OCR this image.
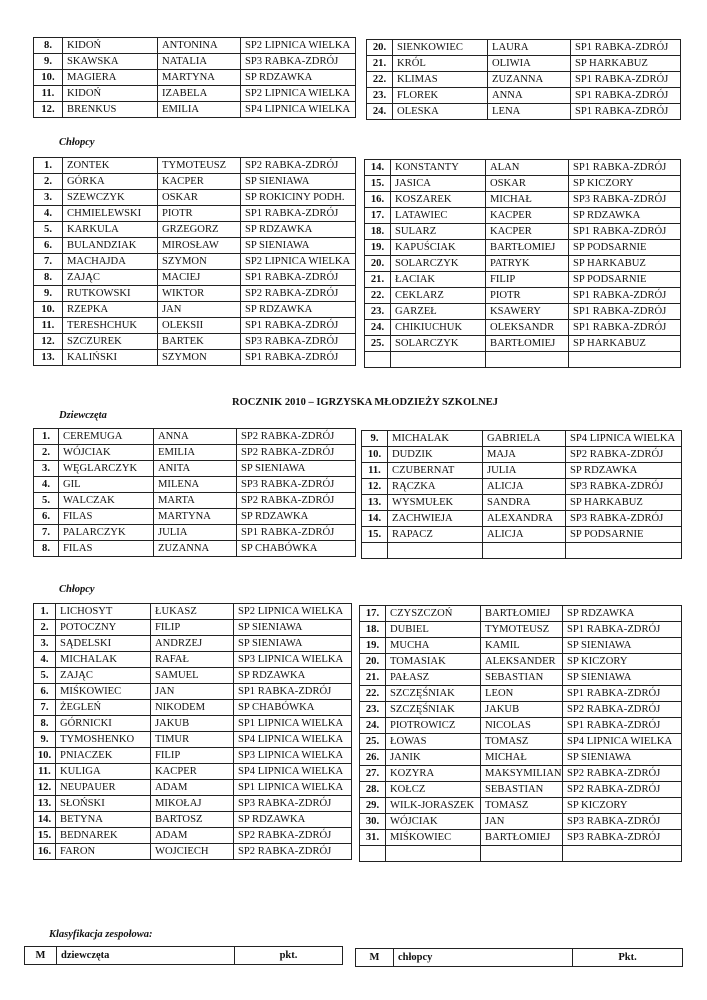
8.	KIDOŃ	ANTONINA	SP2 LIPNICA WIELKA
9.	SKAWSKA	NATALIA	SP3 RABKA-ZDRÓJ
10.	MAGIERA	MARTYNA	SP RDZAWKA
11.	KIDOŃ	IZABELA	SP2 LIPNICA WIELKA
12.	BRENKUS	EMILIA	SP4 LIPNICA WIELKA
20.	SIENKOWIEC	LAURA	SP1 RABKA-ZDRÓJ
21.	KRÓL	OLIWIA	SP HARKABUZ
22.	KLIMAS	ZUZANNA	SP1 RABKA-ZDRÓJ
23.	FLOREK	ANNA	SP1 RABKA-ZDRÓJ
24.	OLESKA	LENA	SP1 RABKA-ZDRÓJ
Chłopcy
1.	ZONTEK	TYMOTEUSZ	SP2 RABKA-ZDRÓJ
2.	GÓRKA	KACPER	SP SIENIAWA
3.	SZEWCZYK	OSKAR	SP ROKICINY PODH.
4.	CHMIELEWSKI	PIOTR	SP1 RABKA-ZDRÓJ
5.	KARKULA	GRZEGORZ	SP RDZAWKA
6.	BULANDZIAK	MIROSŁAW	SP SIENIAWA
7.	MACHAJDA	SZYMON	SP2 LIPNICA WIELKA
8.	ZAJĄC	MACIEJ	SP1 RABKA-ZDRÓJ
9.	RUTKOWSKI	WIKTOR	SP2 RABKA-ZDRÓJ
10.	RZEPKA	JAN	SP RDZAWKA
11.	TERESHCHUK	OLEKSII	SP1 RABKA-ZDRÓJ
12.	SZCZUREK	BARTEK	SP3 RABKA-ZDRÓJ
13.	KALIŃSKI	SZYMON	SP1 RABKA-ZDRÓJ
14.	KONSTANTY	ALAN	SP1 RABKA-ZDRÓJ
15.	JASICA	OSKAR	SP KICZORY
16.	KOSZAREK	MICHAŁ	SP3 RABKA-ZDRÓJ
17.	LATAWIEC	KACPER	SP RDZAWKA
18.	SULARZ	KACPER	SP1 RABKA-ZDRÓJ
19.	KAPUŚCIAK	BARTŁOMIEJ	SP PODSARNIE
20.	SOLARCZYK	PATRYK	SP HARKABUZ
21.	ŁACIAK	FILIP	SP PODSARNIE
22.	CEKLARZ	PIOTR	SP1 RABKA-ZDRÓJ
23.	GARZEŁ	KSAWERY	SP1 RABKA-ZDRÓJ
24.	CHIKIUCHUK	OLEKSANDR	SP1 RABKA-ZDRÓJ
25.	SOLARCZYK	BARTŁOMIEJ	SP HARKABUZ

ROCZNIK 2010 – IGRZYSKA MŁODZIEŻY SZKOLNEJ
Dziewczęta
1.	CEREMUGA	ANNA	SP2 RABKA-ZDRÓJ
2.	WÓJCIAK	EMILIA	SP2 RABKA-ZDRÓJ
3.	WĘGLARCZYK	ANITA	SP SIENIAWA
4.	GIL	MILENA	SP3 RABKA-ZDRÓJ
5.	WALCZAK	MARTA	SP2 RABKA-ZDRÓJ
6.	FILAS	MARTYNA	SP RDZAWKA
7.	PALARCZYK	JULIA	SP1 RABKA-ZDRÓJ
8.	FILAS	ZUZANNA	SP CHABÓWKA
9.	MICHALAK	GABRIELA	SP4 LIPNICA WIELKA
10.	DUDZIK	MAJA	SP2 RABKA-ZDRÓJ
11.	CZUBERNAT	JULIA	SP RDZAWKA
12.	RĄCZKA	ALICJA	SP3 RABKA-ZDRÓJ
13.	WYSMUŁEK	SANDRA	SP HARKABUZ
14.	ZACHWIEJA	ALEXANDRA	SP3 RABKA-ZDRÓJ
15.	RAPACZ	ALICJA	SP PODSARNIE

Chłopcy
1.	LICHOSYT	ŁUKASZ	SP2 LIPNICA WIELKA
2.	POTOCZNY	FILIP	SP SIENIAWA
3.	SĄDELSKI	ANDRZEJ	SP SIENIAWA
4.	MICHALAK	RAFAŁ	SP3 LIPNICA WIELKA
5.	ZAJĄC	SAMUEL	SP RDZAWKA
6.	MIŚKOWIEC	JAN	SP1 RABKA-ZDRÓJ
7.	ŻEGLEŃ	NIKODEM	SP CHABÓWKA
8.	GÓRNICKI	JAKUB	SP1 LIPNICA WIELKA
9.	TYMOSHENKO	TIMUR	SP4 LIPNICA WIELKA
10.	PNIACZEK	FILIP	SP3 LIPNICA WIELKA
11.	KULIGA	KACPER	SP4 LIPNICA WIELKA
12.	NEUPAUER	ADAM	SP1 LIPNICA WIELKA
13.	SŁOŃSKI	MIKOŁAJ	SP3 RABKA-ZDRÓJ
14.	BETYNA	BARTOSZ	SP RDZAWKA
15.	BEDNAREK	ADAM	SP2 RABKA-ZDRÓJ
16.	FARON	WOJCIECH	SP2 RABKA-ZDRÓJ
17.	CZYSZCZOŃ	BARTŁOMIEJ	SP RDZAWKA
18.	DUBIEL	TYMOTEUSZ	SP1 RABKA-ZDRÓJ
19.	MUCHA	KAMIL	SP SIENIAWA
20.	TOMASIAK	ALEKSANDER	SP KICZORY
21.	PAŁASZ	SEBASTIAN	SP SIENIAWA
22.	SZCZĘŚNIAK	LEON	SP1 RABKA-ZDRÓJ
23.	SZCZĘŚNIAK	JAKUB	SP2 RABKA-ZDRÓJ
24.	PIOTROWICZ	NICOLAS	SP1 RABKA-ZDRÓJ
25.	ŁOWAS	TOMASZ	SP4 LIPNICA WIELKA
26.	JANIK	MICHAŁ	SP SIENIAWA
27.	KOZYRA	MAKSYMILIAN	SP2 RABKA-ZDRÓJ
28.	KOŁCZ	SEBASTIAN	SP2 RABKA-ZDRÓJ
29.	WILK-JORASZEK	TOMASZ	SP KICZORY
30.	WÓJCIAK	JAN	SP3 RABKA-ZDRÓJ
31.	MIŚKOWIEC	BARTŁOMIEJ	SP3 RABKA-ZDRÓJ

Klasyfikacja zespołowa:
M	dziewczęta	pkt.	M	chłopcy	Pkt.
